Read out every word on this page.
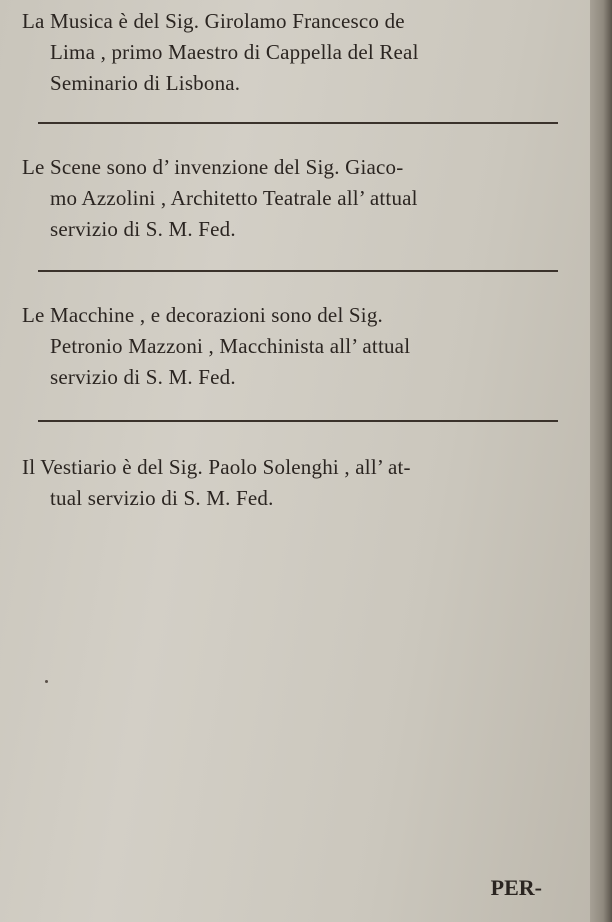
La Musica è del Sig. Girolamo Francesco de
Lima , primo Maestro di Cappella del Real
Seminario di Lisbona.
Le Scene sono d’ invenzione del Sig. Giaco-
mo Azzolini , Architetto Teatrale all’ attual
servizio di S. M. Fed.
Le Macchine , e decorazioni sono del Sig.
Petronio Mazzoni , Macchinista all’ attual
servizio di S. M. Fed.
Il Vestiario è del Sig. Paolo Solenghi , all’ at-
tual servizio di S. M. Fed.
PER-
